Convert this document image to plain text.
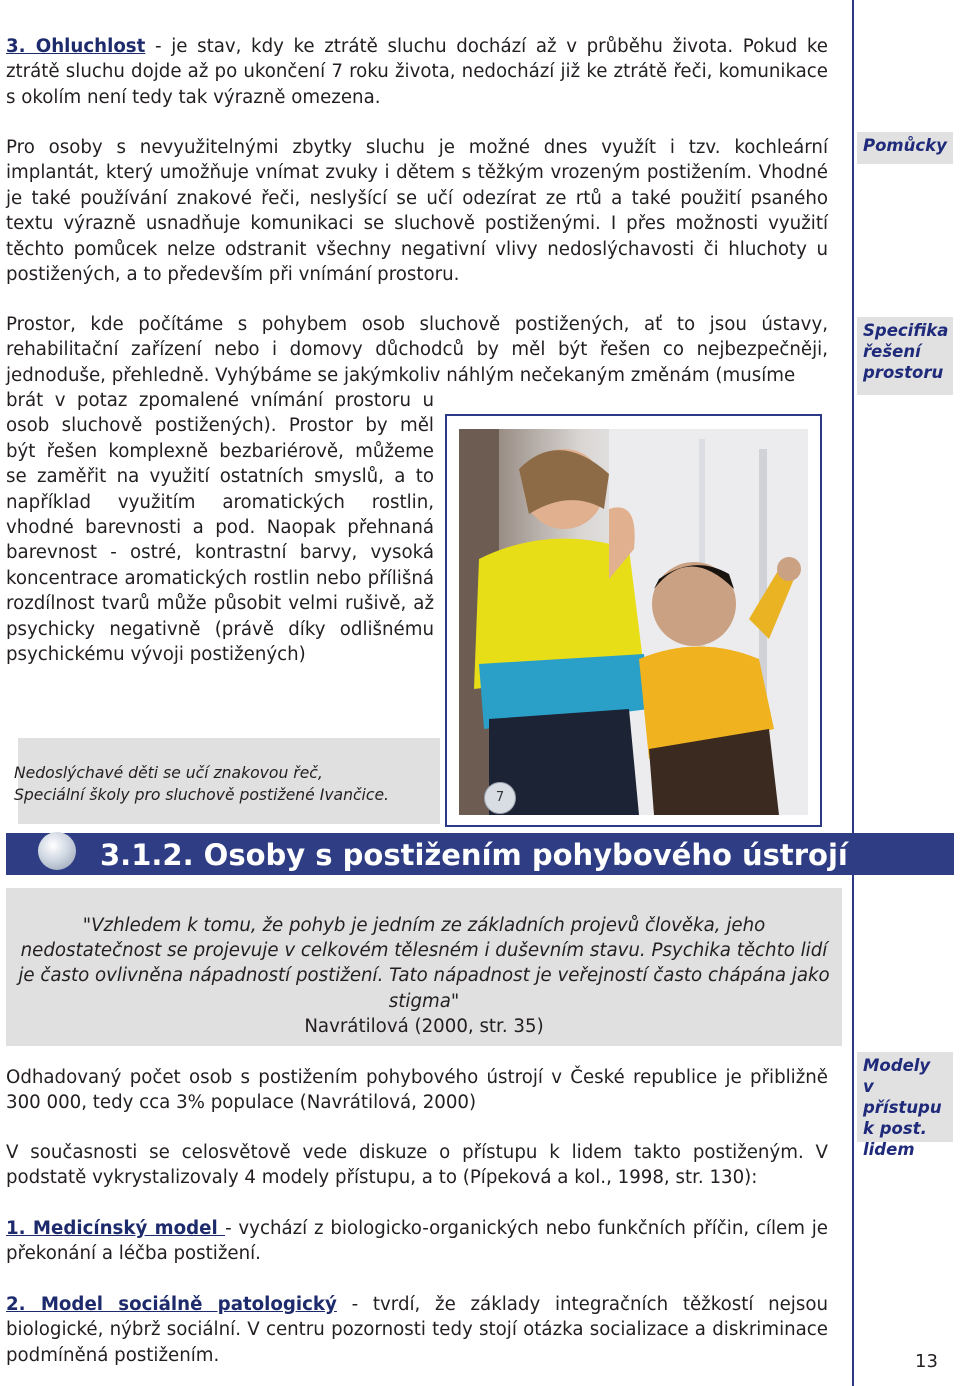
3. Ohluchlost - je stav, kdy ke ztrátě sluchu dochází až v průběhu života. Pokud ke ztrátě sluchu dojde až po ukončení 7 roku života, nedochází již ke ztrátě řeči, komunikace s okolím není tedy tak výrazně omezena.

Pro osoby s nevyužitelnými zbytky sluchu je možné dnes využít i tzv. kochleární implantát, který umožňuje vnímat zvuky i dětem s těžkým vrozeným postižením. Vhodné je také používání znakové řeči, neslyšící se učí odezírat ze rtů a také použití psaného textu výrazně usnadňuje komunikaci se sluchově postiženými. I přes možnosti využití těchto pomůcek nelze odstranit všechny negativní vlivy nedoslýchavosti či hluchoty u postižených, a to především při vnímání prostoru.

Prostor, kde počítáme s pohybem osob sluchově postižených, ať to jsou ústavy, rehabilitační zařízení nebo i domovy důchodců by měl být řešen co nejbezpečněji, jednoduše, přehledně. Vyhýbáme se jakýmkoliv náhlým nečekaným změnám (musíme

brát v potaz zpomalené vnímání prostoru u osob sluchově postižených). Prostor by měl být řešen komplexně bezbariérově, můžeme se zaměřit na využití ostatních smyslů, a to například využitím aromatických rostlin, vhodné barevnosti a pod. Naopak přehnaná barevnost - ostré, kontrastní barvy, vysoká koncentrace aromatických rostlin nebo přílišná rozdílnost tvarů může působit velmi rušivě, až psychicky negativně (právě díky odlišnému psychickému vývoji postižených)

Pomůcky
Specifika
řešení
prostoru
Modely
v přístupu
k post.
lidem
Nedoslýchavé děti se učí znakovou řeč,
Speciální školy pro sluchově postižené Ivančice.	7
3.1.2. Osoby s postižením pohybového ústrojí
"Vzhledem k tomu, že pohyb je jedním ze základních projevů člověka, jeho nedostatečnost se projevuje v celkovém tělesném i duševním stavu. Psychika těchto lidí je často ovlivněna nápadností postižení. Tato nápadnost je veřejností často chápána jako stigma"
Navrátilová (2000, str. 35)

Odhadovaný počet osob s postižením pohybového ústrojí v České republice je přibližně 300 000, tedy cca 3% populace (Navrátilová, 2000)

V současnosti se celosvětově vede diskuze o přístupu k lidem takto postiženým. V podstatě vykrystalizovaly 4 modely přístupu, a to (Pípeková a kol., 1998, str. 130):

1. Medicínský model - vychází z biologicko-organických nebo funkčních příčin, cílem je překonání a léčba postižení.

2. Model sociálně patologický - tvrdí, že základy integračních těžkostí nejsou biologické, nýbrž sociální. V centru pozornosti tedy stojí otázka socializace a diskriminace podmíněná postižením.	13
